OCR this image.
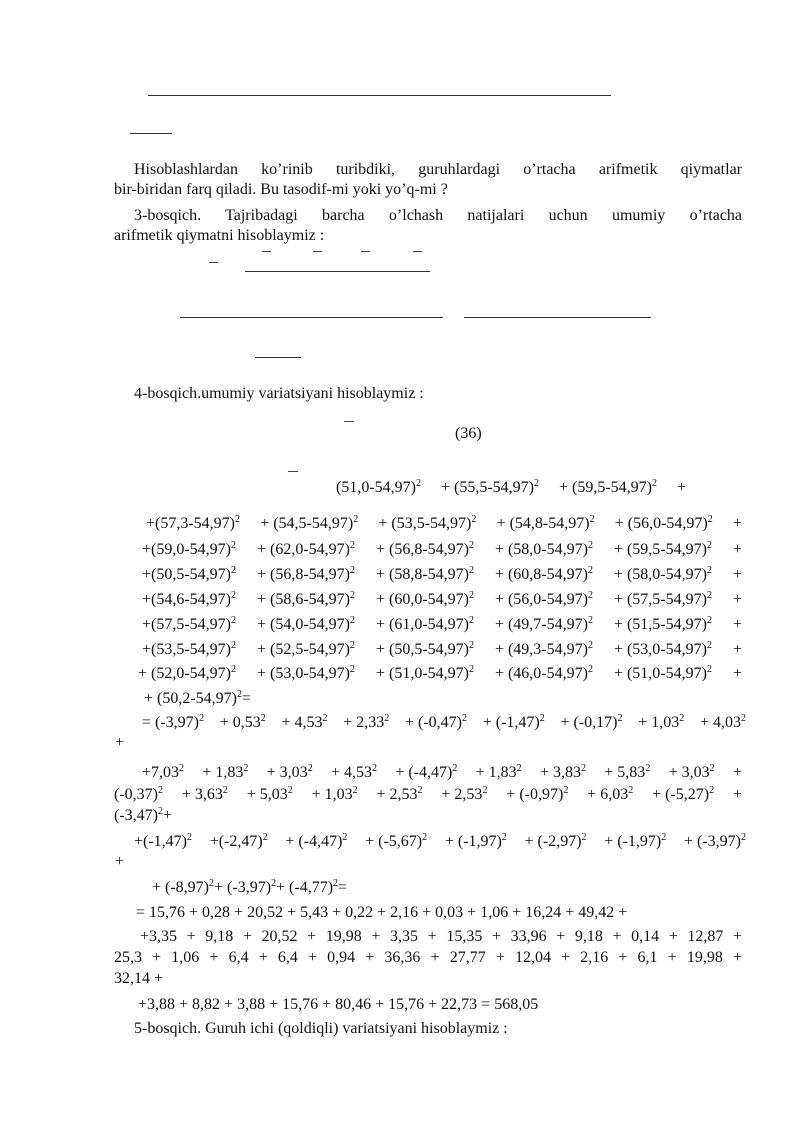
Hisoblashlardan ko’rinib turibdiki, guruhlardagi o’rtacha arifmetik qiymatlar
bir-biridan farq qiladi. Bu tasodif-mi yoki yo’q-mi ?
3-bosqich. Tajribadagi barcha o’lchash natijalari uchun umumiy o’rtacha
arifmetik qiymatni hisoblaymiz :
4-bosqich.umumiy variatsiyani hisoblaymiz :
(36)
$(51,0-54,97)^2 + (55,5-54,97)^2 + (59,5-54,97)^2$ +
$+(57,3-54,97)^2 + (54,5-54,97)^2 + (53,5-54,97)^2 + (54,8-54,97)^2 + (56,0-54,97)^2$ +
$+(59,0-54,97)^2 + (62,0-54,97)^2 + (56,8-54,97)^2 + (58,0-54,97)^2 + (59,5-54,97)^2$ +
$+(50,5-54,97)^2 + (56,8-54,97)^2 + (58,8-54,97)^2 + (60,8-54,97)^2 + (58,0-54,97)^2$ +
$+(54,6-54,97)^2 + (58,6-54,97)^2 + (60,0-54,97)^2 + (56,0-54,97)^2 + (57,5-54,97)^2$ +
$+(57,5-54,97)^2 + (54,0-54,97)^2 + (61,0-54,97)^2 + (49,7-54,97)^2 + (51,5-54,97)^2$ +
$+(53,5-54,97)^2 + (52,5-54,97)^2 + (50,5-54,97)^2 + (49,3-54,97)^2 + (53,0-54,97)^2$ +
+ $(52,0-54,97)^2 + (53,0-54,97)^2 + (51,0-54,97)^2 + (46,0-54,97)^2 + (51,0-54,97)^2$ +
+ $(50,2-54,97)^2$ =
= $(-3,97)^2 + 0,53^2 + 4,53^2 + 2,33^2 + (-0,47)^2 + (-1,47)^2 + (-0,17)^2 + 1,03^2 + 4,03^2$
+
$+7,03^2 + 1,83^2 + 3,03^2 + 4,53^2 + (-4,47)^2 + 1,83^2 + 3,83^2 + 5,83^2 + 3,03^2$ +
$(-0,37)^2 + 3,63^2 + 5,03^2 + 1,03^2 + 2,53^2 + 2,53^2 + (-0,97)^2 + 6,03^2 + (-5,27)^2$ +
$(-3,47)^2$ +
$+(-1,47)^2 +(-2,47)^2 + (-4,47)^2 + (-5,67)^2 + (-1,97)^2 + (-2,97)^2 + (-1,97)^2 + (-3,97)^2$
+
+ $(-8,97)^2 + (-3,97)^2 + (-4,77)^2$ =
= 15,76 + 0,28 + 20,52 + 5,43 + 0,22 + 2,16 + 0,03 + 1,06 + 16,24 + 49,42 +
+3,35 + 9,18 + 20,52 + 19,98 + 3,35 + 15,35 + 33,96 + 9,18 + 0,14 + 12,87 +
25,3 + 1,06 + 6,4 + 6,4 + 0,94 + 36,36 + 27,77 + 12,04 + 2,16 + 6,1 + 19,98 +
32,14 +
+3,88 + 8,82 + 3,88 + 15,76 + 80,46 + 15,76 + 22,73 = 568,05
5-bosqich. Guruh ichi (qoldiqli) variatsiyani hisoblaymiz :
